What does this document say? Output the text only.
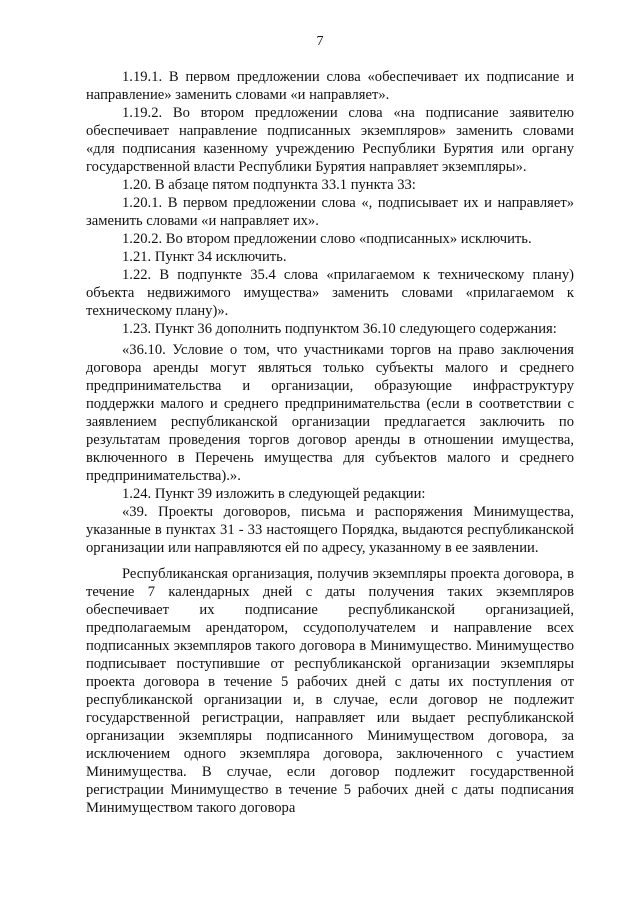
7

1.19.1. В первом предложении слова «обеспечивает их подписание и направление» заменить словами «и направляет».

1.19.2. Во втором предложении слова «на подписание заявителю обеспечивает направление подписанных экземпляров» заменить словами «для подписания казенному учреждению Республики Бурятия или органу государственной власти Республики Бурятия направляет экземпляры».

1.20. В абзаце пятом подпункта 33.1 пункта 33:

1.20.1. В первом предложении слова «, подписывает их и направляет» заменить словами «и направляет их».

1.20.2. Во втором предложении слово «подписанных» исключить.

1.21. Пункт 34 исключить.

1.22. В подпункте 35.4 слова «прилагаемом к техническому плану) объекта недвижимого имущества» заменить словами «прилагаемом к техническому плану)».

1.23. Пункт 36 дополнить подпунктом 36.10 следующего содержания:

«36.10. Условие о том, что участниками торгов на право заключения договора аренды могут являться только субъекты малого и среднего предпринимательства и организации, образующие инфраструктуру поддержки малого и среднего предпринимательства (если в соответствии с заявлением республиканской организации предлагается заключить по результатам проведения торгов договор аренды в отношении имущества, включенного в Перечень имущества для субъектов малого и среднего предпринимательства).».

1.24. Пункт 39 изложить в следующей редакции:

«39. Проекты договоров, письма и распоряжения Минимущества, указанные в пунктах 31 - 33 настоящего Порядка, выдаются республиканской организации или направляются ей по адресу, указанному в ее заявлении.

Республиканская организация, получив экземпляры проекта договора, в течение 7 календарных дней с даты получения таких экземпляров обеспечивает их подписание республиканской организацией, предполагаемым арендатором, ссудополучателем и направление всех подписанных экземпляров такого договора в Минимущество. Минимущество подписывает поступившие от республиканской организации экземпляры проекта договора в течение 5 рабочих дней с даты их поступления от республиканской организации и, в случае, если договор не подлежит государственной регистрации, направляет или выдает республиканской организации экземпляры подписанного Минимуществом договора, за исключением одного экземпляра договора, заключенного с участием Минимущества. В случае, если договор подлежит государственной регистрации Минимущество в течение 5 рабочих дней с даты подписания Минимуществом такого договора
